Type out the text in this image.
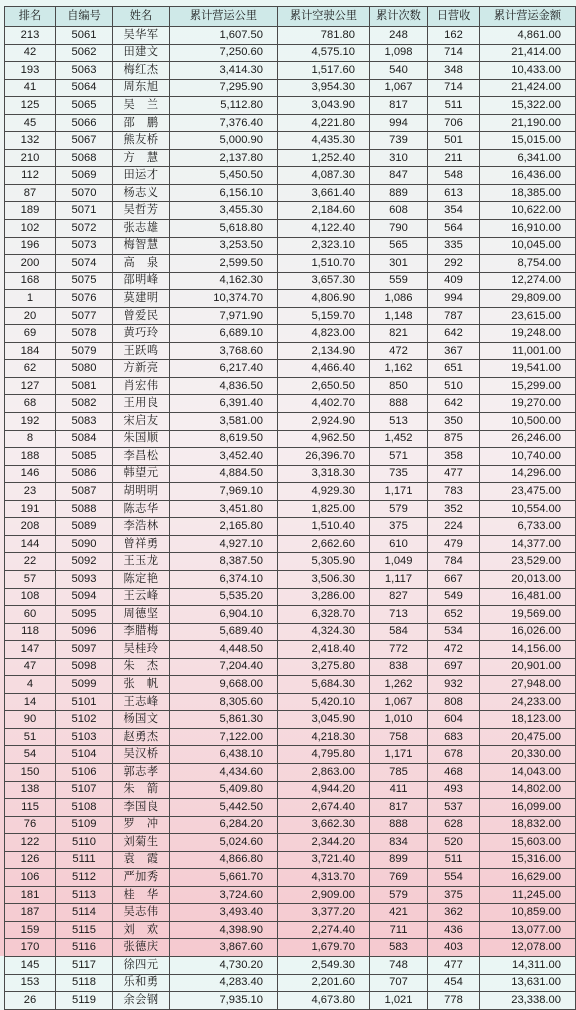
排名	自编号	姓名	累计营运公里	累计空驶公里	累计次数	日营收	累计营运金额
213	5061	吴华军	1,607.50	781.80	248	162	4,861.00
42	5062	田建文	7,250.60	4,575.10	1,098	714	21,414.00
193	5063	梅红杰	3,414.30	1,517.60	540	348	10,433.00
41	5064	周东旭	7,295.90	3,954.30	1,067	714	21,424.00
125	5065	吴　兰	5,112.80	3,043.90	817	511	15,322.00
45	5066	邵　鹏	7,376.40	4,221.80	994	706	21,190.00
132	5067	熊友桥	5,000.90	4,435.30	739	501	15,015.00
210	5068	方　慧	2,137.80	1,252.40	310	211	6,341.00
112	5069	田运才	5,450.50	4,087.30	847	548	16,436.00
87	5070	杨志义	6,156.10	3,661.40	889	613	18,385.00
189	5071	吴哲芳	3,455.30	2,184.60	608	354	10,622.00
102	5072	张志雄	5,618.80	4,122.40	790	564	16,910.00
196	5073	梅智慧	3,253.50	2,323.10	565	335	10,045.00
200	5074	高　泉	2,599.50	1,510.70	301	292	8,754.00
168	5075	邵明峰	4,162.30	3,657.30	559	409	12,274.00
1	5076	莫建明	10,374.70	4,806.90	1,086	994	29,809.00
20	5077	曾爱民	7,971.90	5,159.70	1,148	787	23,615.00
69	5078	黄巧玲	6,689.10	4,823.00	821	642	19,248.00
184	5079	王跃鸣	3,768.60	2,134.90	472	367	11,001.00
62	5080	方新亮	6,217.40	4,466.40	1,162	651	19,541.00
127	5081	肖宏伟	4,836.50	2,650.50	850	510	15,299.00
68	5082	王用良	6,391.40	4,402.70	888	642	19,270.00
192	5083	宋启友	3,581.00	2,924.90	513	350	10,500.00
8	5084	朱国顺	8,619.50	4,962.50	1,452	875	26,246.00
188	5085	李昌松	3,452.40	26,396.70	571	358	10,740.00
146	5086	韩望元	4,884.50	3,318.30	735	477	14,296.00
23	5087	胡明明	7,969.10	4,929.30	1,171	783	23,475.00
191	5088	陈志华	3,451.80	1,825.00	579	352	10,554.00
208	5089	李浩林	2,165.80	1,510.40	375	224	6,733.00
144	5090	曾祥勇	4,927.10	2,662.60	610	479	14,377.00
22	5092	王玉龙	8,387.50	5,305.90	1,049	784	23,529.00
57	5093	陈定艳	6,374.10	3,506.30	1,117	667	20,013.00
108	5094	王云峰	5,535.20	3,286.00	827	549	16,481.00
60	5095	周德坚	6,904.10	6,328.70	713	652	19,569.00
118	5096	李腊梅	5,689.40	4,324.30	584	534	16,026.00
147	5097	吴桂玲	4,448.50	2,418.40	772	472	14,156.00
47	5098	朱　杰	7,204.40	3,275.80	838	697	20,901.00
4	5099	张　帆	9,668.00	5,684.30	1,262	932	27,948.00
14	5101	王志峰	8,305.60	5,420.10	1,067	808	24,233.00
90	5102	杨国文	5,861.30	3,045.90	1,010	604	18,123.00
51	5103	赵勇杰	7,122.00	4,218.30	758	683	20,475.00
54	5104	吴汉桥	6,438.10	4,795.80	1,171	678	20,330.00
150	5106	郭志孝	4,434.60	2,863.00	785	468	14,043.00
138	5107	朱　箭	5,409.80	4,944.20	411	493	14,802.00
115	5108	李国良	5,442.50	2,674.40	817	537	16,099.00
76	5109	罗　冲	6,284.20	3,662.30	888	628	18,832.00
122	5110	刘菊生	5,024.60	2,344.20	834	520	15,603.00
126	5111	袁　霞	4,866.80	3,721.40	899	511	15,316.00
106	5112	严加秀	5,661.70	4,313.70	769	554	16,629.00
181	5113	桂　华	3,724.60	2,909.00	579	375	11,245.00
187	5114	吴志伟	3,493.40	3,377.20	421	362	10,859.00
159	5115	刘　欢	4,398.90	2,274.40	711	436	13,077.00
170	5116	张德庆	3,867.60	1,679.70	583	403	12,078.00
145	5117	徐四元	4,730.20	2,549.30	748	477	14,311.00
153	5118	乐和勇	4,283.40	2,201.60	707	454	13,631.00
26	5119	余会钢	7,935.10	4,673.80	1,021	778	23,338.00
